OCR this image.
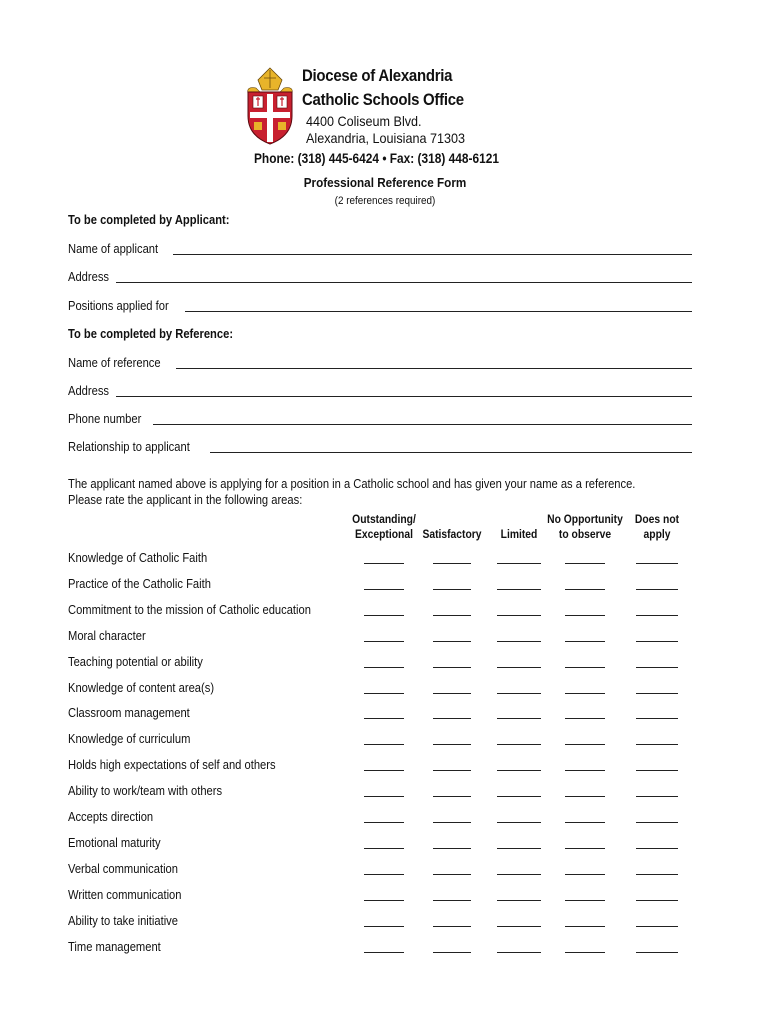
Diocese of Alexandria
Catholic Schools Office
4400 Coliseum Blvd.
Alexandria, Louisiana 71303
Phone: (318) 445-6424 • Fax: (318) 448-6121
Professional Reference Form
(2 references required)
To be completed by Applicant:
Name of applicant
Address
Positions applied for
To be completed by Reference:
Name of reference
Address
Phone number
Relationship to applicant
The applicant named above is applying for a position in a Catholic school and has given your name as a reference.
Please rate the applicant in the following areas:
Outstanding/
Exceptional
Satisfactory
	Limited
No Opportunity
to observe
Does not
apply
Knowledge of Catholic Faith
Practice of the Catholic Faith
Commitment to the mission of Catholic education
Moral character
Teaching potential or ability
Knowledge of content area(s)
Classroom management
Knowledge of curriculum
Holds high expectations of self and others
Ability to work/team with others
Accepts direction
Emotional maturity
Verbal communication
Written communication
Ability to take initiative
Time management
